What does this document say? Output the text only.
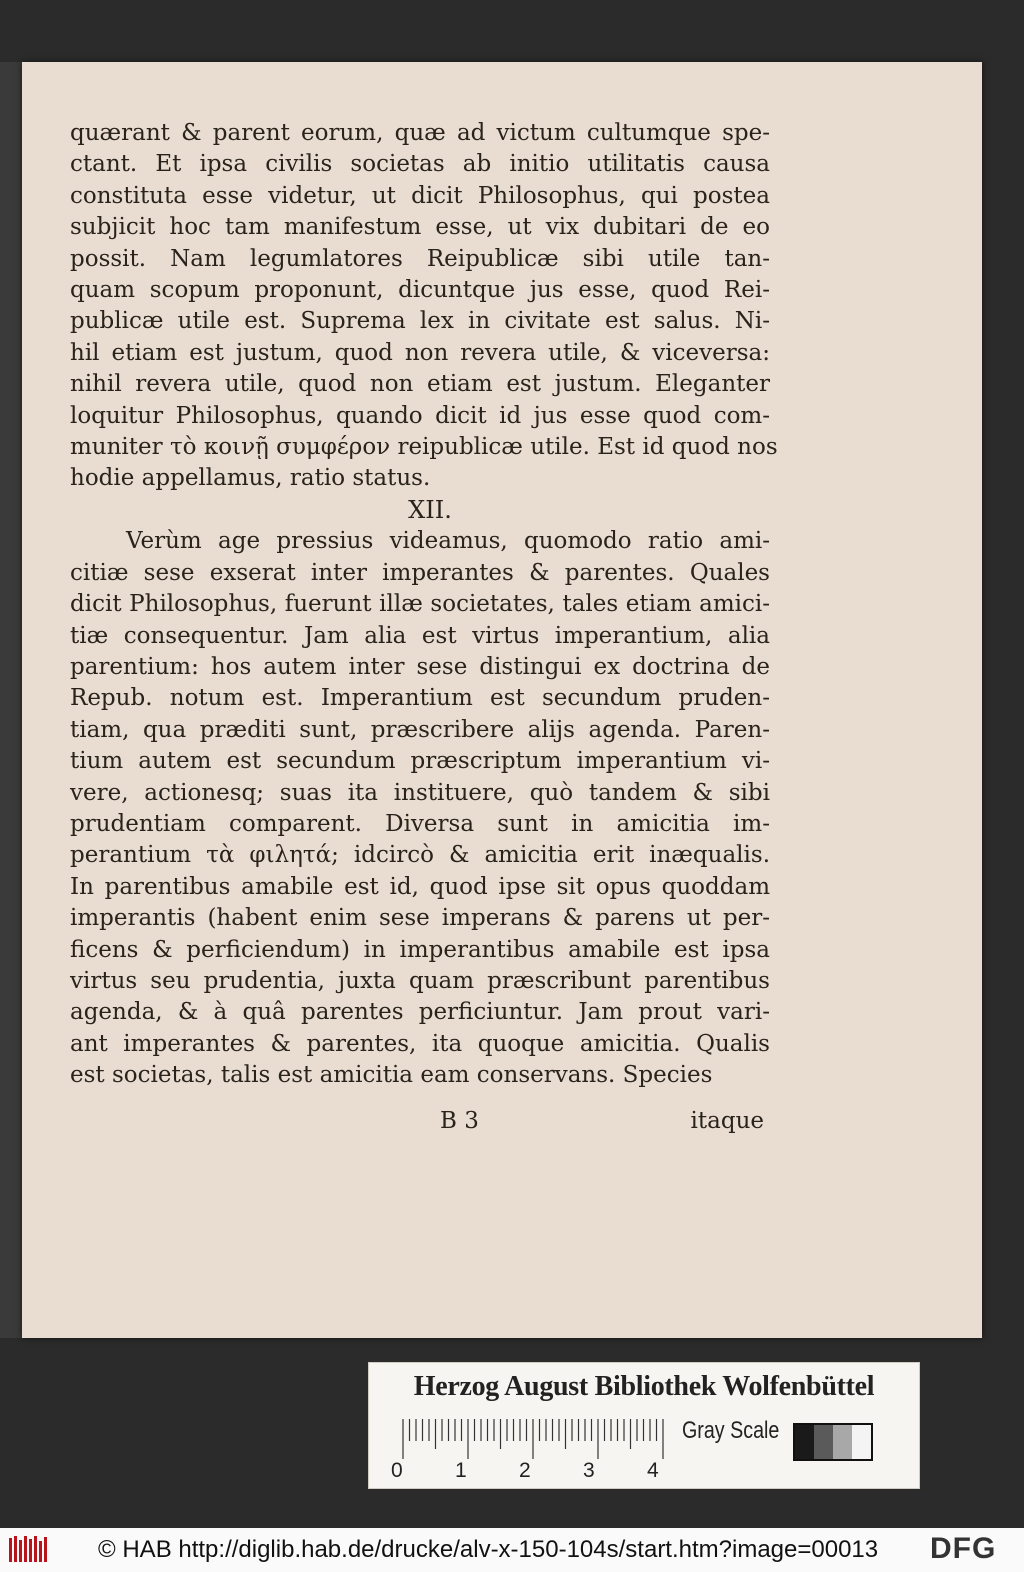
quærant & parent eorum, quæ ad victum cultumque spe-
ctant. Et ipsa civilis societas ab initio utilitatis causa
constituta esse videtur, ut dicit Philosophus, qui postea
subjicit hoc tam manifestum esse, ut vix dubitari de eo
possit. Nam legumlatores Reipublicæ sibi utile tan-
quam scopum proponunt, dicuntque jus esse, quod Rei-
publicæ utile est. Suprema lex in civitate est salus. Ni-
hil etiam est justum, quod non revera utile, & viceversa:
nihil revera utile, quod non etiam est justum. Eleganter
loquitur Philosophus, quando dicit id jus esse quod com-
muniter τὸ κοινῇ συμφέρον reipublicæ utile. Est id quod nos
hodie appellamus, ratio status.
XII.
Verùm age pressius videamus, quomodo ratio ami-
citiæ sese exserat inter imperantes & parentes. Quales
dicit Philosophus, fuerunt illæ societates, tales etiam amici-
tiæ consequentur. Jam alia est virtus imperantium, alia
parentium: hos autem inter sese distingui ex doctrina de
Repub. notum est. Imperantium est secundum pruden-
tiam, qua præditi sunt, præscribere alijs agenda. Paren-
tium autem est secundum præscriptum imperantium vi-
vere, actionesq; suas ita instituere, quò tandem & sibi
prudentiam comparent. Diversa sunt in amicitia im-
perantium τὰ φιλητά; idcircò & amicitia erit inæqualis.
In parentibus amabile est id, quod ipse sit opus quoddam
imperantis (habent enim sese imperans & parens ut per-
ficens & perficiendum) in imperantibus amabile est ipsa
virtus seu prudentia, juxta quam præscribunt parentibus
agenda, & à quâ parentes perficiuntur. Jam prout vari-
ant imperantes & parentes, ita quoque amicitia. Qualis
est societas, talis est amicitia eam conservans. Species
B 3	itaque
Herzog August Bibliothek Wolfenbüttel
0 1 2 3 4
Gray Scale
© HAB http://diglib.hab.de/drucke/alv-x-150-104s/start.htm?image=00013 DFG
